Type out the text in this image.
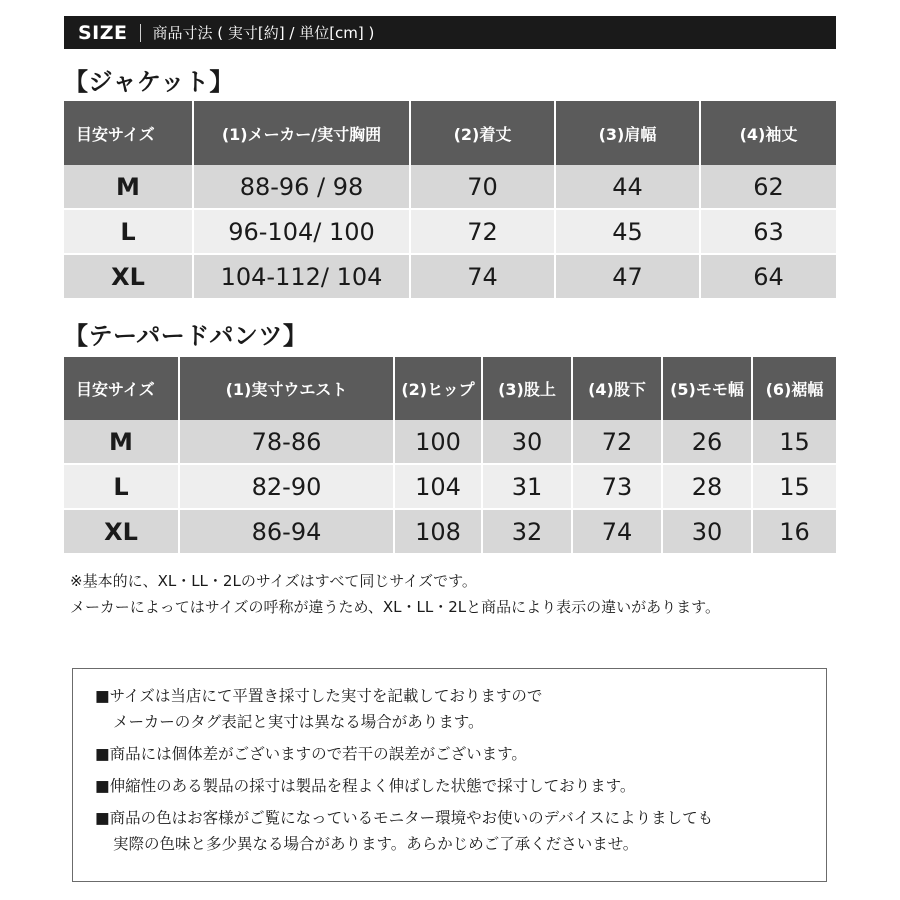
SIZE 商品寸法 ( 実寸[約] / 単位[cm] )
【ジャケット】
目安サイズ	(1)メーカー/実寸胸囲	(2)着丈	(3)肩幅	(4)袖丈
M	88-96 / 98	70	44	62
L	96-104/ 100	72	45	63
XL	104-112/ 104	74	47	64
【テーパードパンツ】
目安サイズ	(1)実寸ウエスト	(2)ヒップ	(3)股上	(4)股下	(5)モモ幅	(6)裾幅
M	78-86	100	30	72	26	15
L	82-90	104	31	73	28	15
XL	86-94	108	32	74	30	16
※基本的に、XL・LL・2Lのサイズはすべて同じサイズです。
メーカーによってはサイズの呼称が違うため、XL・LL・2Lと商品により表示の違いがあります。
■サイズは当店にて平置き採寸した実寸を記載しておりますので
メーカーのタグ表記と実寸は異なる場合があります。
■商品には個体差がございますので若干の誤差がございます。
■伸縮性のある製品の採寸は製品を程よく伸ばした状態で採寸しております。
■商品の色はお客様がご覧になっているモニター環境やお使いのデバイスによりましても
実際の色味と多少異なる場合があります。あらかじめご了承くださいませ。
